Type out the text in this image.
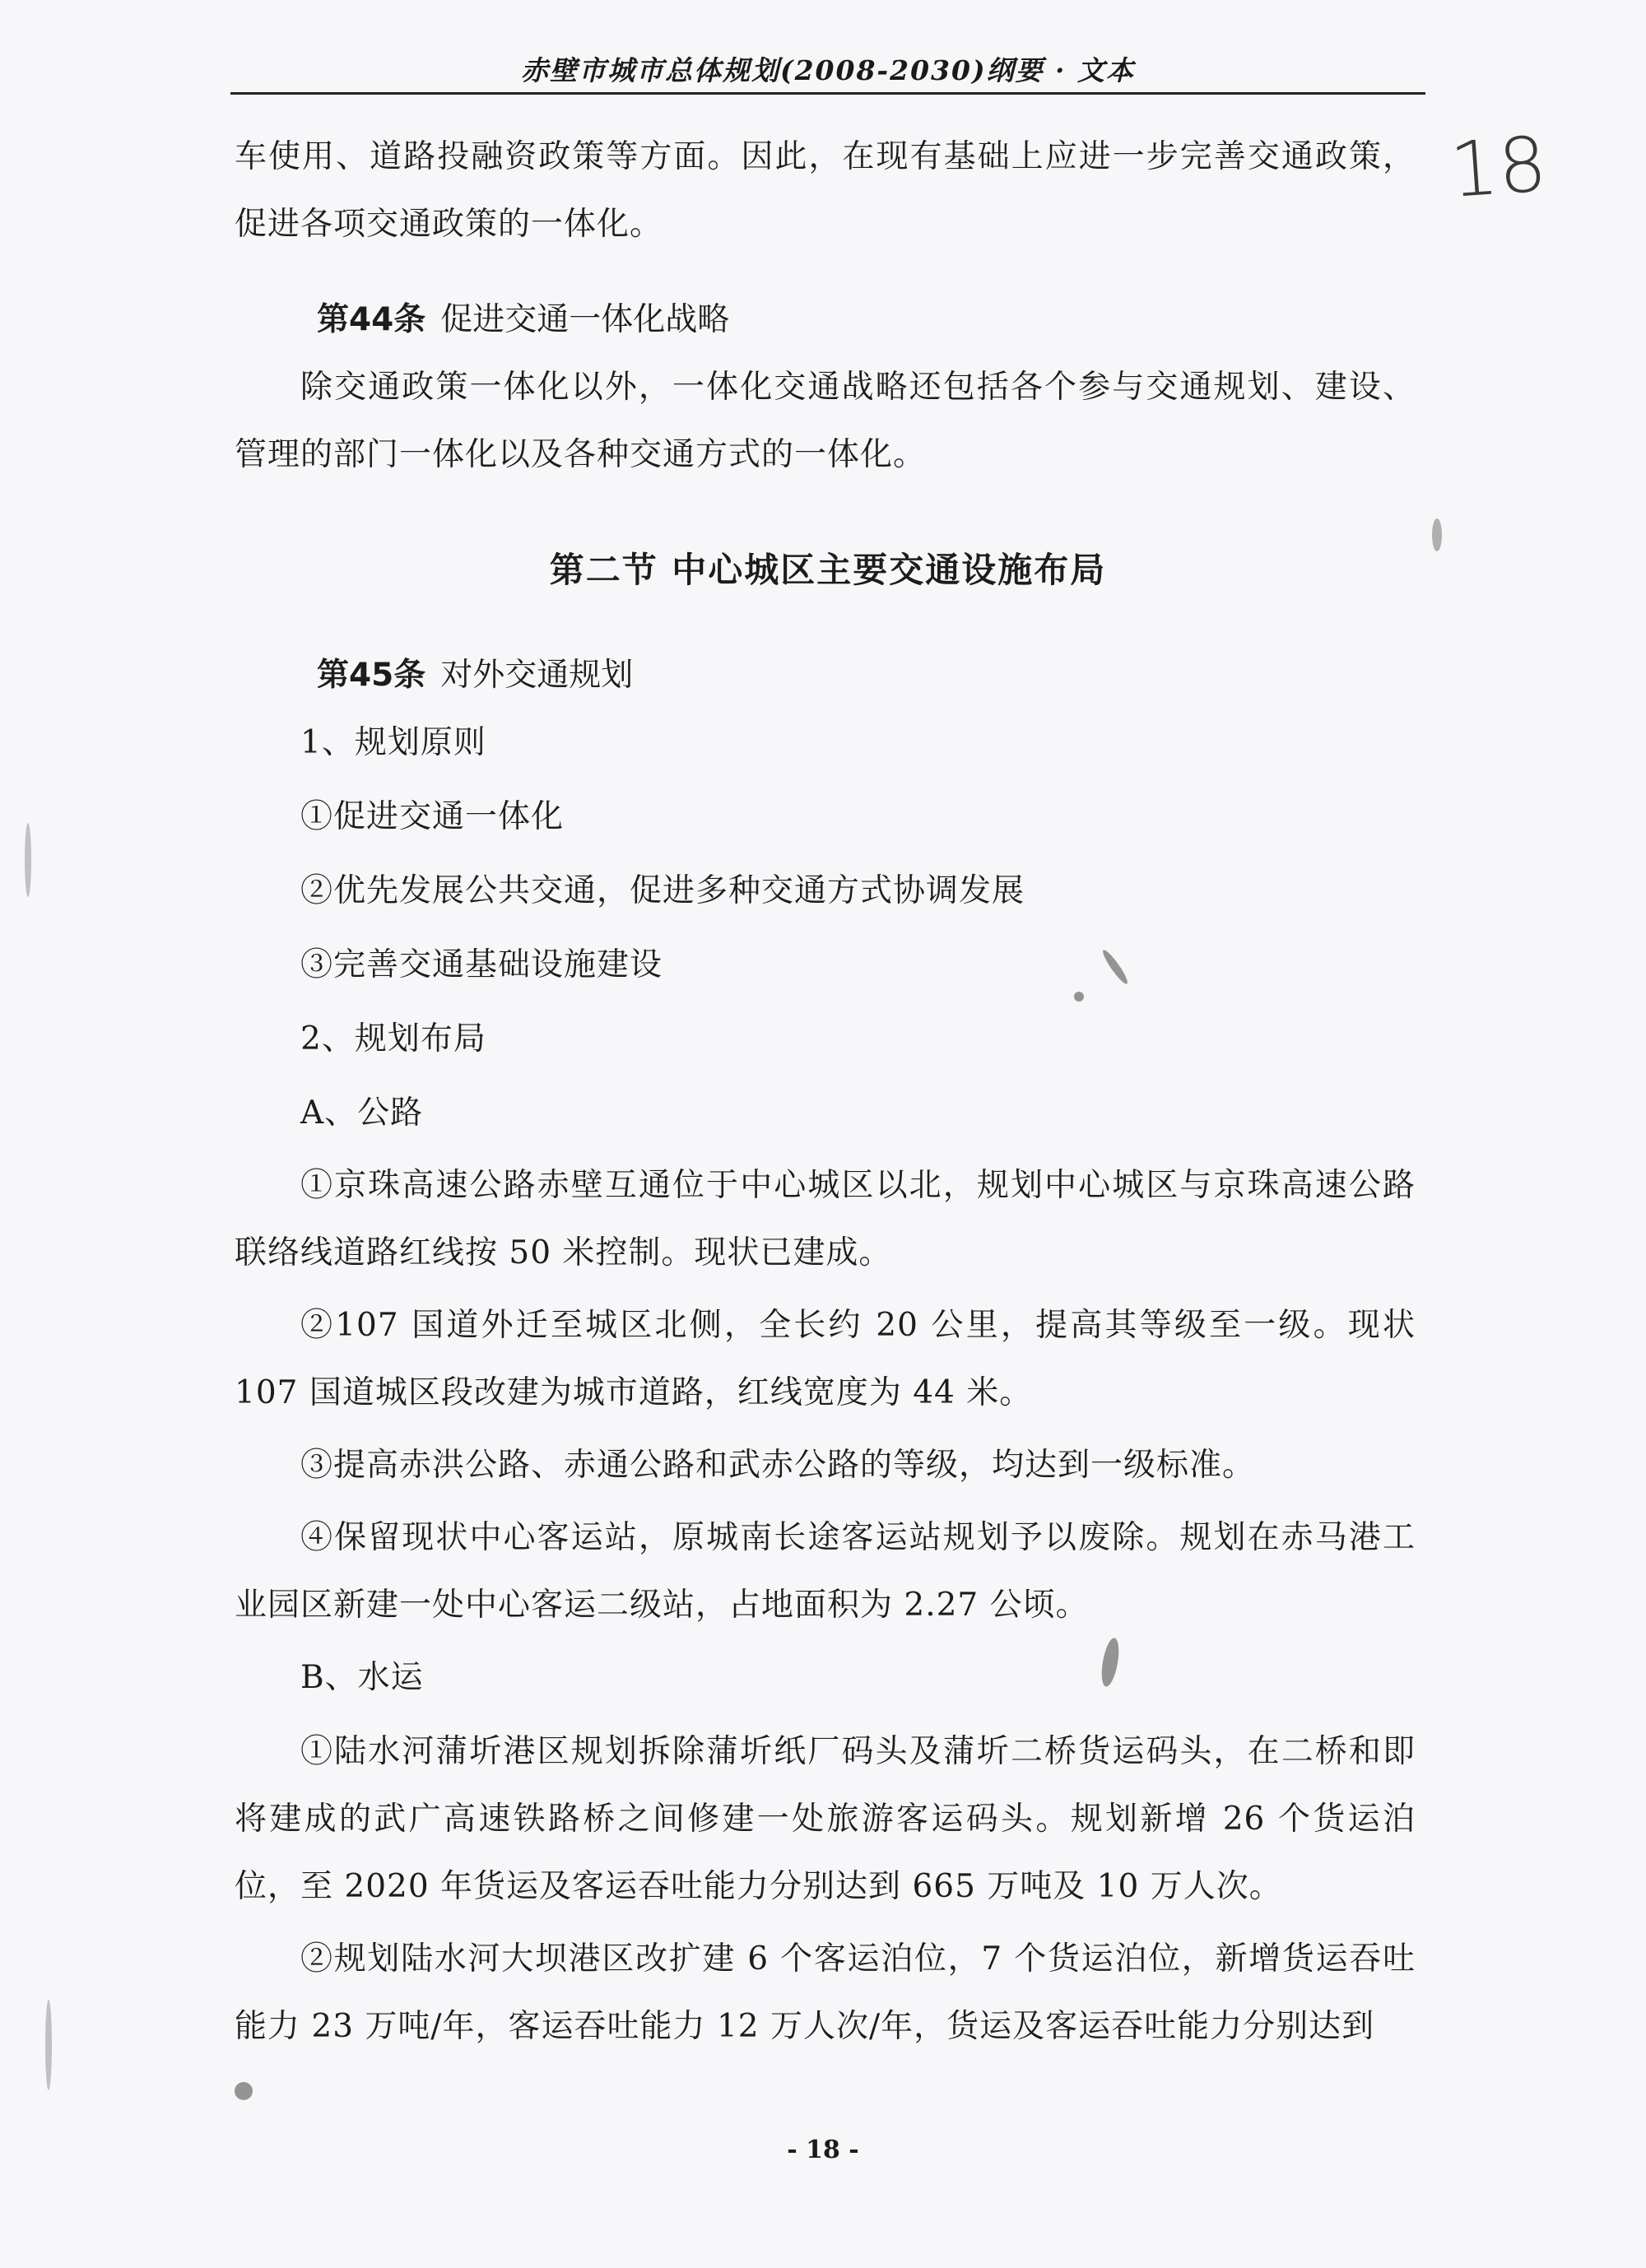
赤壁市城市总体规划(2008-2030)纲要 · 文本
18

车使用、道路投融资政策等方面。因此，在现有基础上应进一步完善交通政策，促进各项交通政策的一体化。

第44条 促进交通一体化战略

除交通政策一体化以外，一体化交通战略还包括各个参与交通规划、建设、管理的部门一体化以及各种交通方式的一体化。

第二节 中心城区主要交通设施布局

第45条 对外交通规划

1、规划原则

①促进交通一体化

②优先发展公共交通，促进多种交通方式协调发展

③完善交通基础设施建设

2、规划布局

A、公路

①京珠高速公路赤壁互通位于中心城区以北，规划中心城区与京珠高速公路联络线道路红线按 50 米控制。现状已建成。

②107 国道外迁至城区北侧，全长约 20 公里，提高其等级至一级。现状 107 国道城区段改建为城市道路，红线宽度为 44 米。

③提高赤洪公路、赤通公路和武赤公路的等级，均达到一级标准。

④保留现状中心客运站，原城南长途客运站规划予以废除。规划在赤马港工业园区新建一处中心客运二级站，占地面积为 2.27 公顷。

B、水运

①陆水河蒲圻港区规划拆除蒲圻纸厂码头及蒲圻二桥货运码头，在二桥和即将建成的武广高速铁路桥之间修建一处旅游客运码头。规划新增 26 个货运泊位，至 2020 年货运及客运吞吐能力分别达到 665 万吨及 10 万人次。

②规划陆水河大坝港区改扩建 6 个客运泊位，7 个货运泊位，新增货运吞吐能力 23 万吨/年，客运吞吐能力 12 万人次/年，货运及客运吞吐能力分别达到

- 18 -
